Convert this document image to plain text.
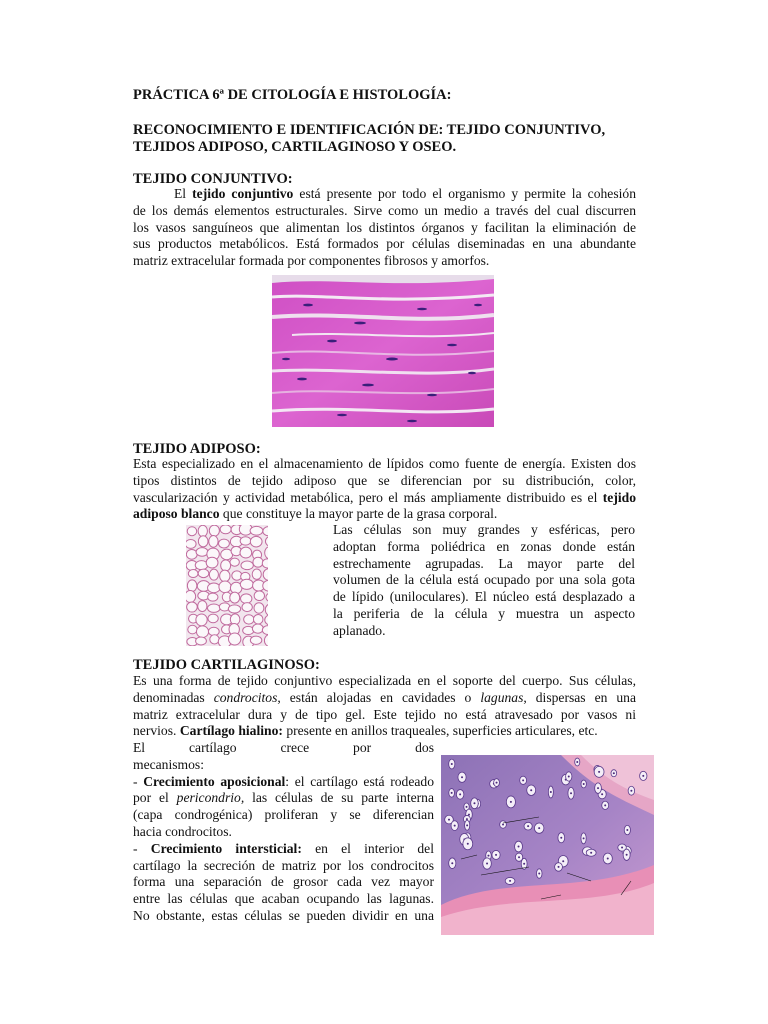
PRÁCTICA 6ª DE CITOLOGÍA E HISTOLOGÍA:
RECONOCIMIENTO E IDENTIFICACIÓN DE: TEJIDO CONJUNTIVO,
TEJIDOS ADIPOSO, CARTILAGINOSO Y OSEO.
TEJIDO CONJUNTIVO:
El tejido conjuntivo está presente por todo el organismo y permite la cohesión
de los demás elementos estructurales. Sirve como un medio a través del cual discurren
los vasos sanguíneos que alimentan los distintos órganos y facilitan la eliminación de
sus productos metabólicos. Está formados por células diseminadas en una abundante
matriz extracelular formada por componentes fibrosos y amorfos.
TEJIDO ADIPOSO:
Esta especializado en el almacenamiento de lípidos como fuente de energía. Existen dos
tipos distintos de tejido adiposo que se diferencian por su distribución, color,
vascularización y actividad metabólica, pero el más ampliamente distribuido es el tejido
adiposo blanco que constituye la mayor parte de la grasa corporal.
Las células son muy grandes y esféricas, pero
adoptan forma poliédrica en zonas donde están
estrechamente agrupadas. La mayor parte del
volumen de la célula está ocupado por una sola gota
de lípido (uniloculares). El núcleo está desplazado a
la periferia de la célula y muestra un aspecto
aplanado.
TEJIDO CARTILAGINOSO:
Es una forma de tejido conjuntivo especializada en el soporte del cuerpo. Sus células,
denominadas condrocitos, están alojadas en cavidades o lagunas, dispersas en una
matriz extracelular dura y de tipo gel. Este tejido no está atravesado por vasos ni
nervios. Cartílago hialino: presente en anillos traqueales, superficies articulares, etc.
El cartílago crece por dos
mecanismos:
- Crecimiento aposicional: el cartílago está rodeado
por el pericondrio, las células de su parte interna
(capa condrogénica) proliferan y se diferencian
hacia condrocitos.
- Crecimiento intersticial: en el interior del
cartílago la secreción de matriz por los condrocitos
forma una separación de grosor cada vez mayor
entre las células que acaban ocupando las lagunas.
No obstante, estas células se pueden dividir en una
